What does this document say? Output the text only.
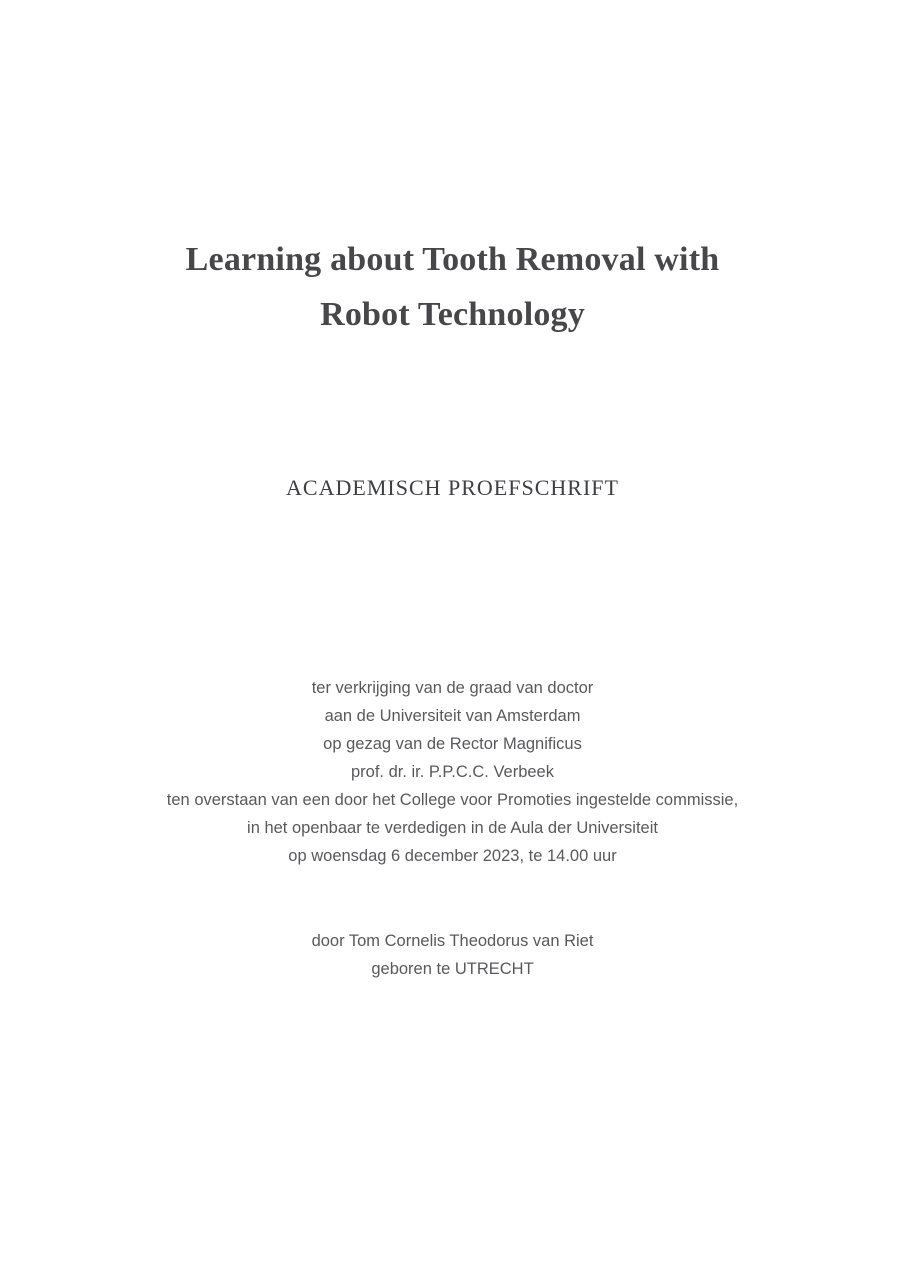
Learning about Tooth Removal with
Robot Technology
ACADEMISCH PROEFSCHRIFT
ter verkrijging van de graad van doctor
aan de Universiteit van Amsterdam
op gezag van de Rector Magnificus
prof. dr. ir. P.P.C.C. Verbeek
ten overstaan van een door het College voor Promoties ingestelde commissie,
in het openbaar te verdedigen in de Aula der Universiteit
op woensdag 6 december 2023, te 14.00 uur
door Tom Cornelis Theodorus van Riet
geboren te UTRECHT
